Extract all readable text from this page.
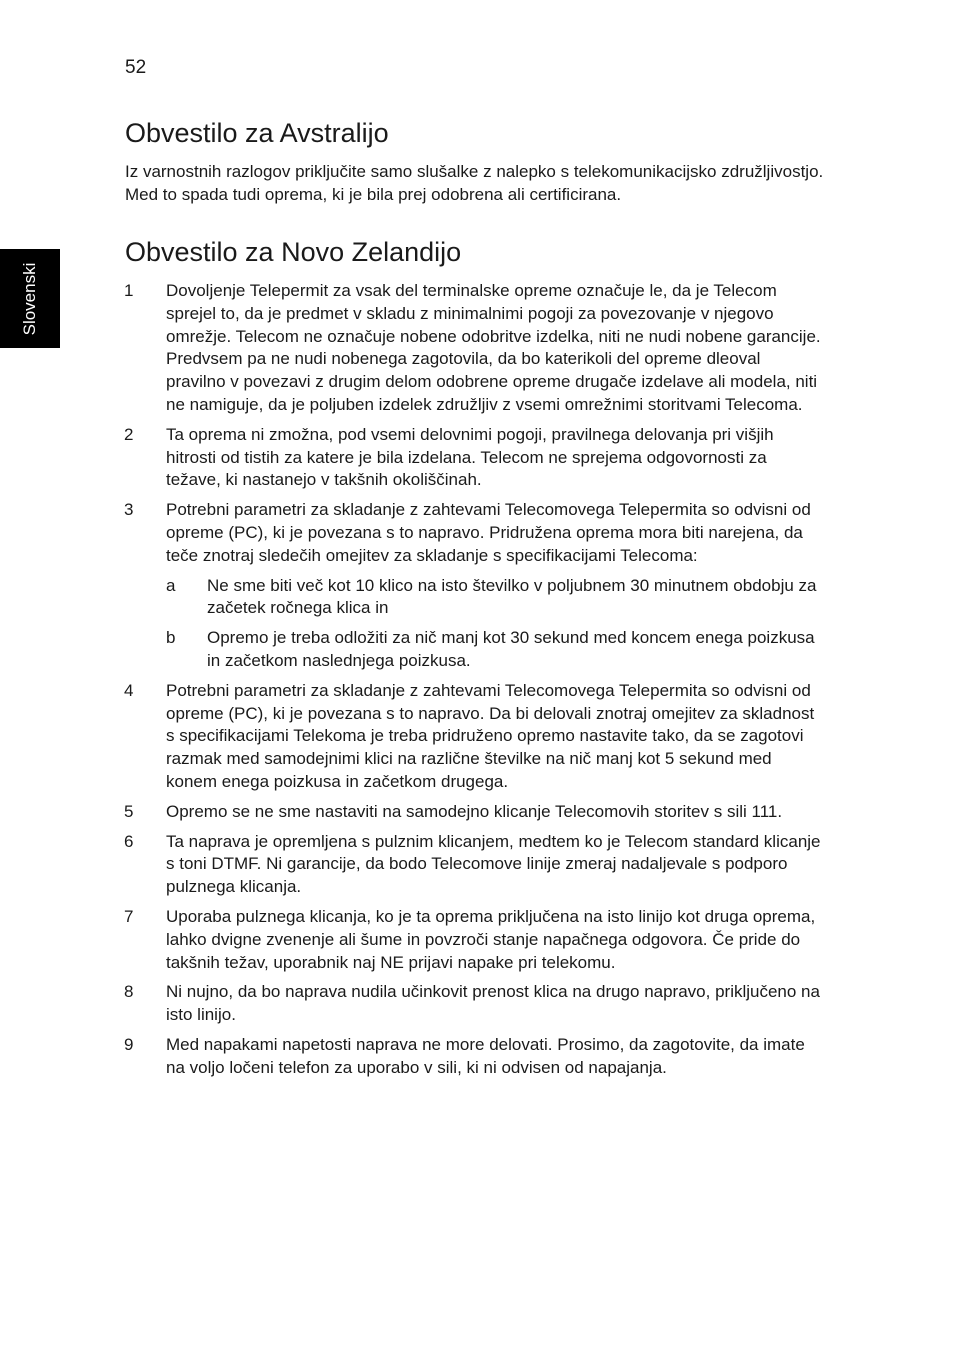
52
Slovenski
Obvestilo za Avstralijo

Iz varnostnih razlogov priključite samo slušalke z nalepko s telekomunikacijsko združljivostjo. Med to spada tudi oprema, ki je bila prej odobrena ali certificirana.

Obvestilo za Novo Zelandijo
1 Dovoljenje Telepermit za vsak del terminalske opreme označuje le, da je Telecom sprejel to, da je predmet v skladu z minimalnimi pogoji za povezovanje v njegovo omrežje. Telecom ne označuje nobene odobritve izdelka, niti ne nudi nobene garancije. Predvsem pa ne nudi nobenega zagotovila, da bo katerikoli del opreme dleoval pravilno v povezavi z drugim delom odobrene opreme drugače izdelave ali modela, niti ne namiguje, da je poljuben izdelek združljiv z vsemi omrežnimi storitvami Telecoma.
2 Ta oprema ni zmožna, pod vsemi delovnimi pogoji, pravilnega delovanja pri višjih hitrosti od tistih za katere je bila izdelana. Telecom ne sprejema odgovornosti za težave, ki nastanejo v takšnih okoliščinah.
3 Potrebni parametri za skladanje z zahtevami Telecomovega Telepermita so odvisni od opreme (PC), ki je povezana s to napravo. Pridružena oprema mora biti narejena, da teče znotraj sledečih omejitev za skladanje s specifikacijami Telecoma:
a Ne sme biti več kot 10 klico na isto številko v poljubnem 30 minutnem obdobju za začetek ročnega klica in
b Opremo je treba odložiti za nič manj kot 30 sekund med koncem enega poizkusa in začetkom naslednjega poizkusa.
4 Potrebni parametri za skladanje z zahtevami Telecomovega Telepermita so odvisni od opreme (PC), ki je povezana s to napravo. Da bi delovali znotraj omejitev za skladnost s specifikacijami Telekoma je treba pridruženo opremo nastavite tako, da se zagotovi razmak med samodejnimi klici na različne številke na nič manj kot 5 sekund med konem enega poizkusa in začetkom drugega.
5 Opremo se ne sme nastaviti na samodejno klicanje Telecomovih storitev s sili 111.
6 Ta naprava je opremljena s pulznim klicanjem, medtem ko je Telecom standard klicanje s toni DTMF. Ni garancije, da bodo Telecomove linije zmeraj nadaljevale s podporo pulznega klicanja.
7 Uporaba pulznega klicanja, ko je ta oprema priključena na isto linijo kot druga oprema, lahko dvigne zvenenje ali šume in povzroči stanje napačnega odgovora. Če pride do takšnih težav, uporabnik naj NE prijavi napake pri telekomu.
8 Ni nujno, da bo naprava nudila učinkovit prenost klica na drugo napravo, priključeno na isto linijo.
9 Med napakami napetosti naprava ne more delovati. Prosimo, da zagotovite, da imate na voljo ločeni telefon za uporabo v sili, ki ni odvisen od napajanja.
